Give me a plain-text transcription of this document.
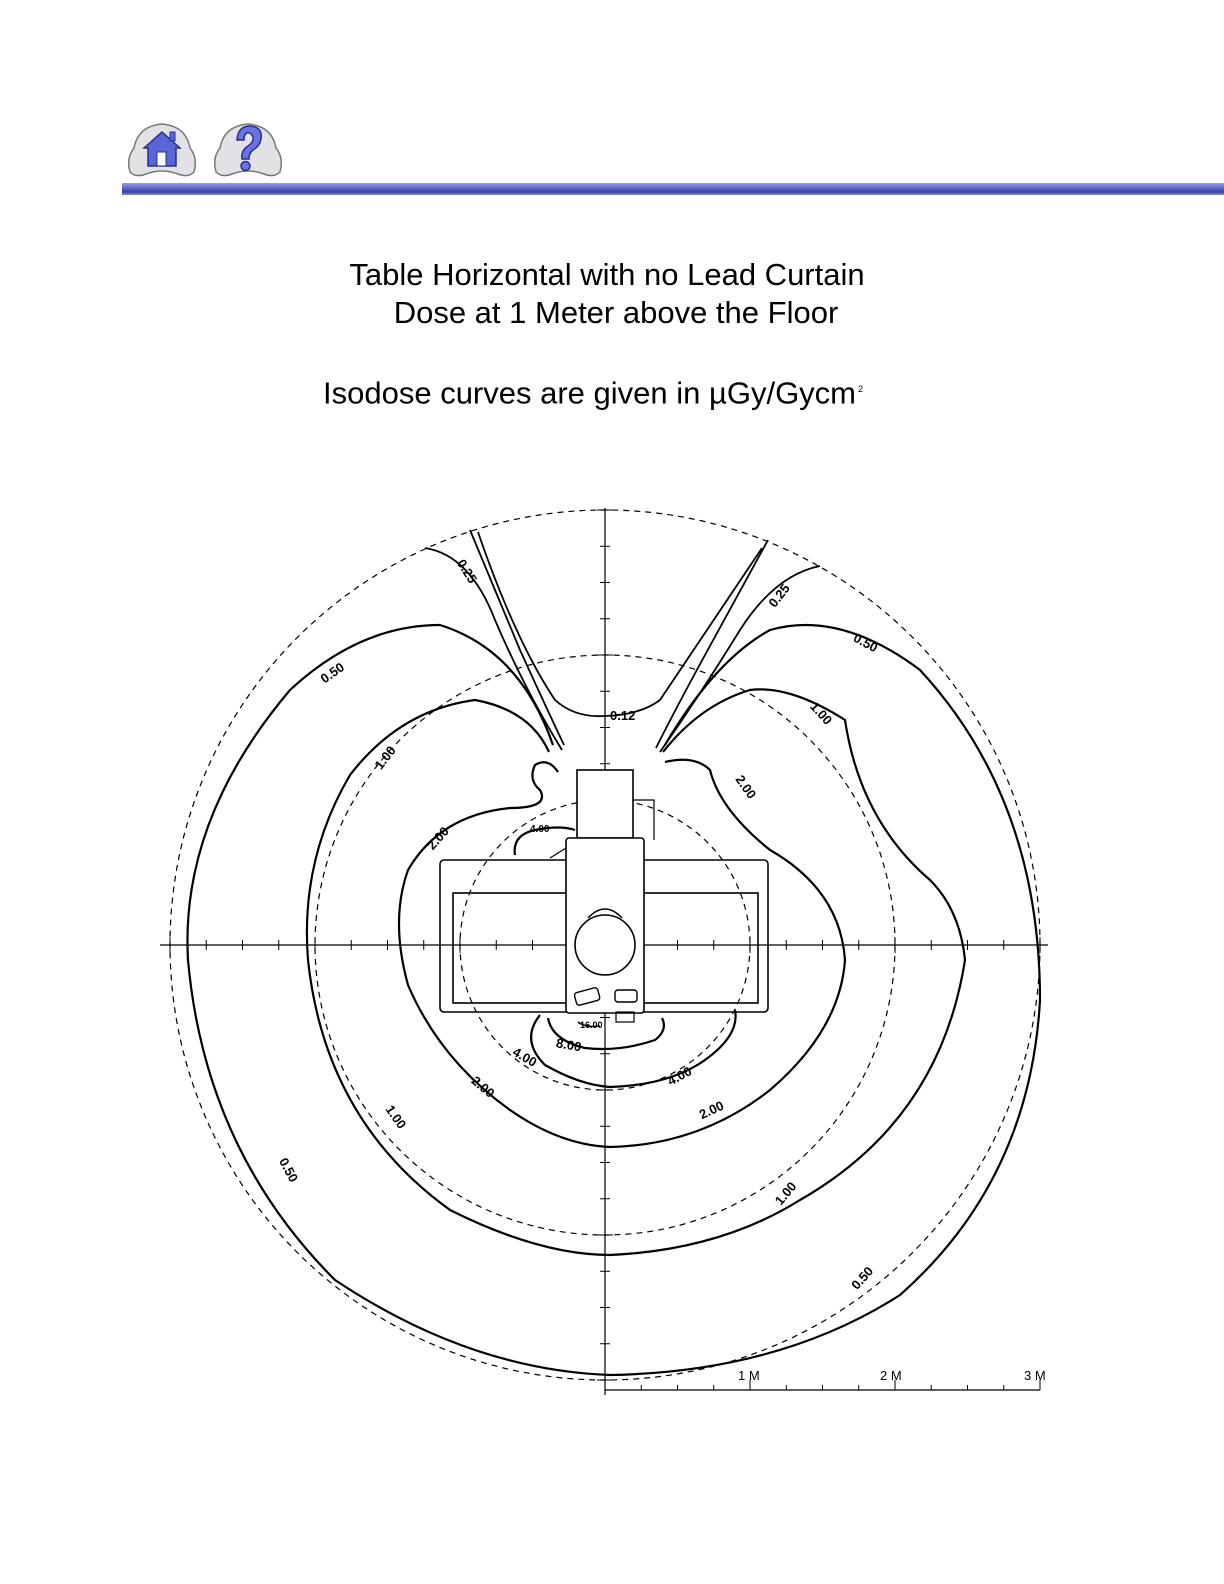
Table Horizontal with no Lead Curtain
Dose at 1 Meter above the Floor
Isodose curves are given in µGy/Gycm $^2$
0.25
0.25
0.50
0.50
0.50
0.50
1.00
1.00
1.00
1.00
0.12
2.00
2.00
2.00
2.00
4.00
4.00
4.00
8.00
16.00
1 M	2 M	3 M
